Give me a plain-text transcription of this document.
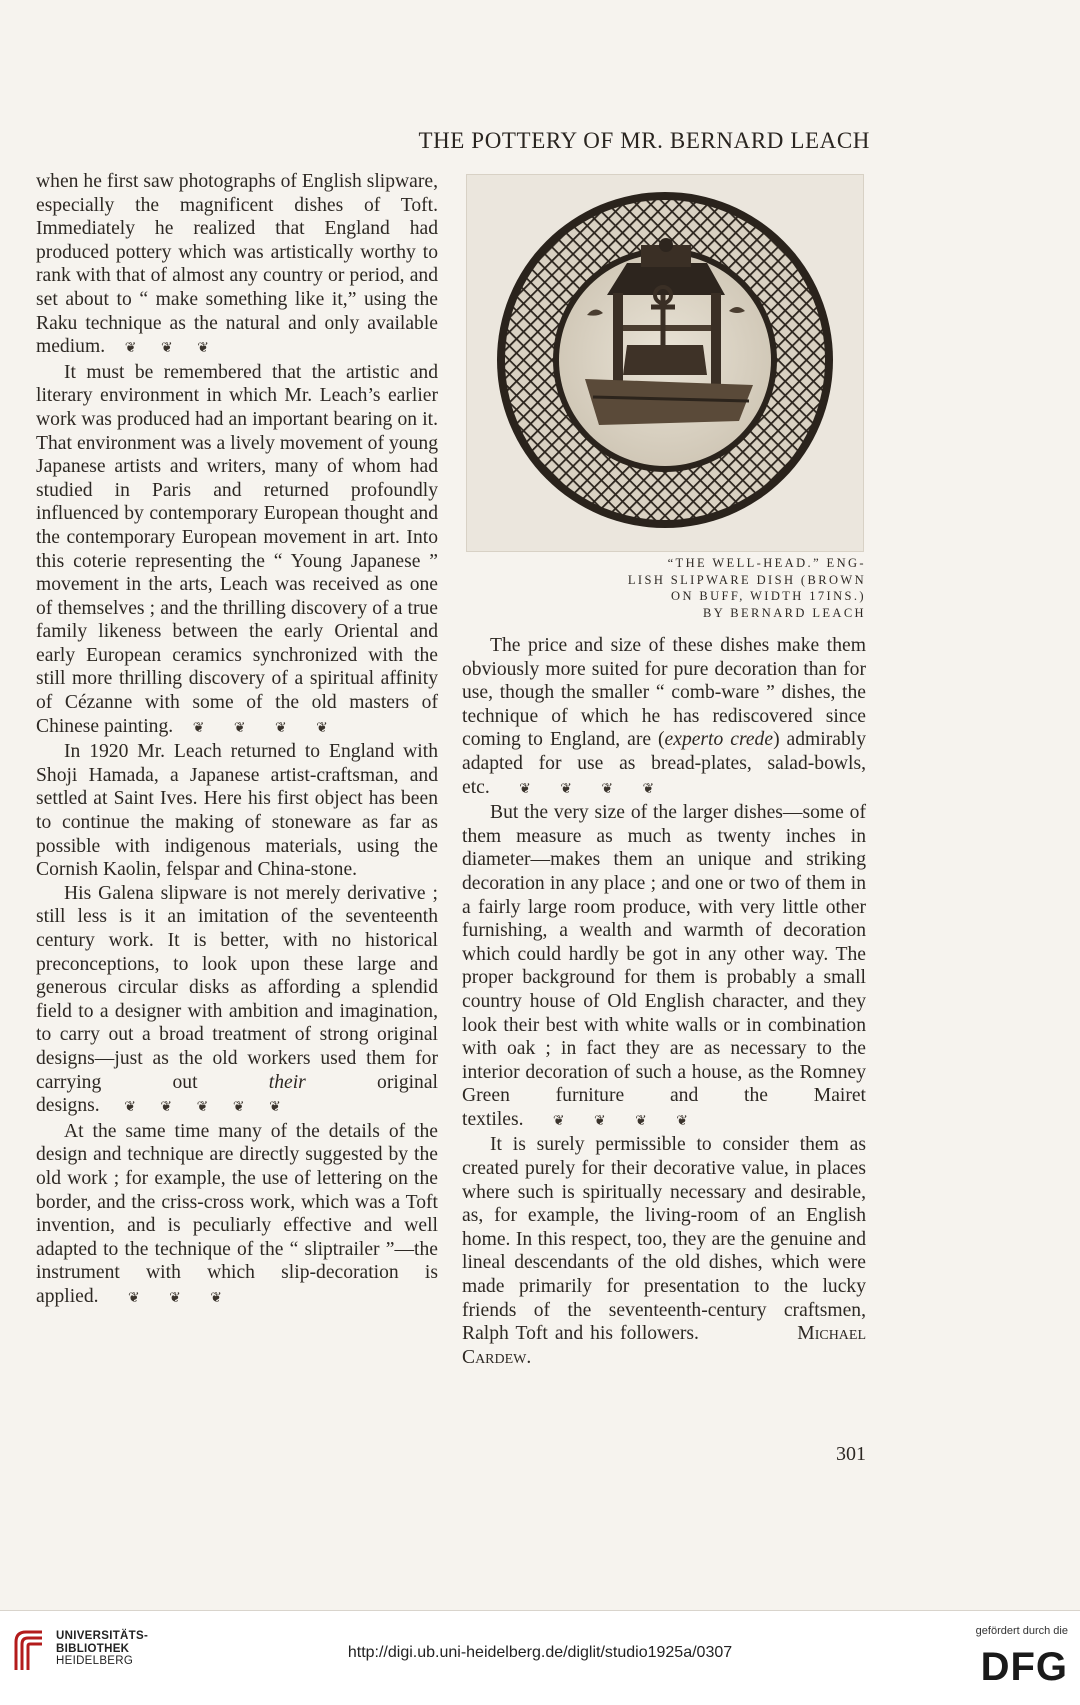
THE POTTERY OF MR. BERNARD LEACH

when he first saw photographs of English slipware, especially the magnificent dishes of Toft. Immediately he realized that England had produced pottery which was artistically worthy to rank with that of almost any country or period, and set about to “ make something like it,” using the Raku technique as the natural and only available medium. ❦ ❦ ❦

It must be remembered that the artistic and literary environment in which Mr. Leach’s earlier work was produced had an important bearing on it. That environment was a lively movement of young Japanese artists and writers, many of whom had studied in Paris and returned profoundly influenced by contemporary European thought and the contemporary European movement in art. Into this coterie representing the “ Young Japanese ” movement in the arts, Leach was received as one of themselves ; and the thrilling discovery of a true family likeness between the early Oriental and early European ceramics synchronized with the still more thrilling discovery of a spiritual affinity of Cézanne with some of the old masters of Chinese painting. ❦ ❦ ❦ ❦

In 1920 Mr. Leach returned to England with Shoji Hamada, a Japanese artist-craftsman, and settled at Saint Ives. Here his first object has been to continue the making of stoneware as far as possible with indigenous materials, using the Cornish Kaolin, felspar and China-stone.

His Galena slipware is not merely derivative ; still less is it an imitation of the seventeenth century work. It is better, with no historical preconceptions, to look upon these large and generous circular disks as affording a splendid field to a designer with ambition and imagination, to carry out a broad treatment of strong original designs—just as the old workers used them for carrying out their original designs. ❦ ❦ ❦ ❦ ❦

At the same time many of the details of the design and technique are directly suggested by the old work ; for example, the use of lettering on the border, and the criss-cross work, which was a Toft invention, and is peculiarly effective and well adapted to the technique of the “ sliptrailer ”—the instrument with which slip-decoration is applied. ❦ ❦ ❦

“THE WELL-HEAD.” ENG-
LISH SLIPWARE DISH (BROWN
ON BUFF, WIDTH 17INS.)
BY BERNARD LEACH

The price and size of these dishes make them obviously more suited for pure decoration than for use, though the smaller “ comb-ware ” dishes, the technique of which he has rediscovered since coming to England, are (experto crede) admirably adapted for use as bread-plates, salad-bowls, etc. ❦ ❦ ❦ ❦

But the very size of the larger dishes—some of them measure as much as twenty inches in diameter—makes them an unique and striking decoration in any place ; and one or two of them in a fairly large room produce, with very little other furnishing, a wealth and warmth of decoration which could hardly be got in any other way. The proper background for them is probably a small country house of Old English character, and they look their best with white walls or in combination with oak ; in fact they are as necessary to the interior decoration of such a house, as the Romney Green furniture and the Mairet textiles. ❦ ❦ ❦ ❦

It is surely permissible to consider them as created purely for their decorative value, in places where such is spiritually necessary and desirable, as, for example, the living-room of an English home. In this respect, too, they are the genuine and lineal descendants of the old dishes, which were made primarily for presentation to the lucky friends of the seventeenth-century craftsmen, Ralph Toft and his followers.	Michael Cardew.

301
UNIVERSITÄTS-
BIBLIOTHEK
HEIDELBERG	http://digi.ub.uni-heidelberg.de/diglit/studio1925a/0307
gefördert durch die
DFG
